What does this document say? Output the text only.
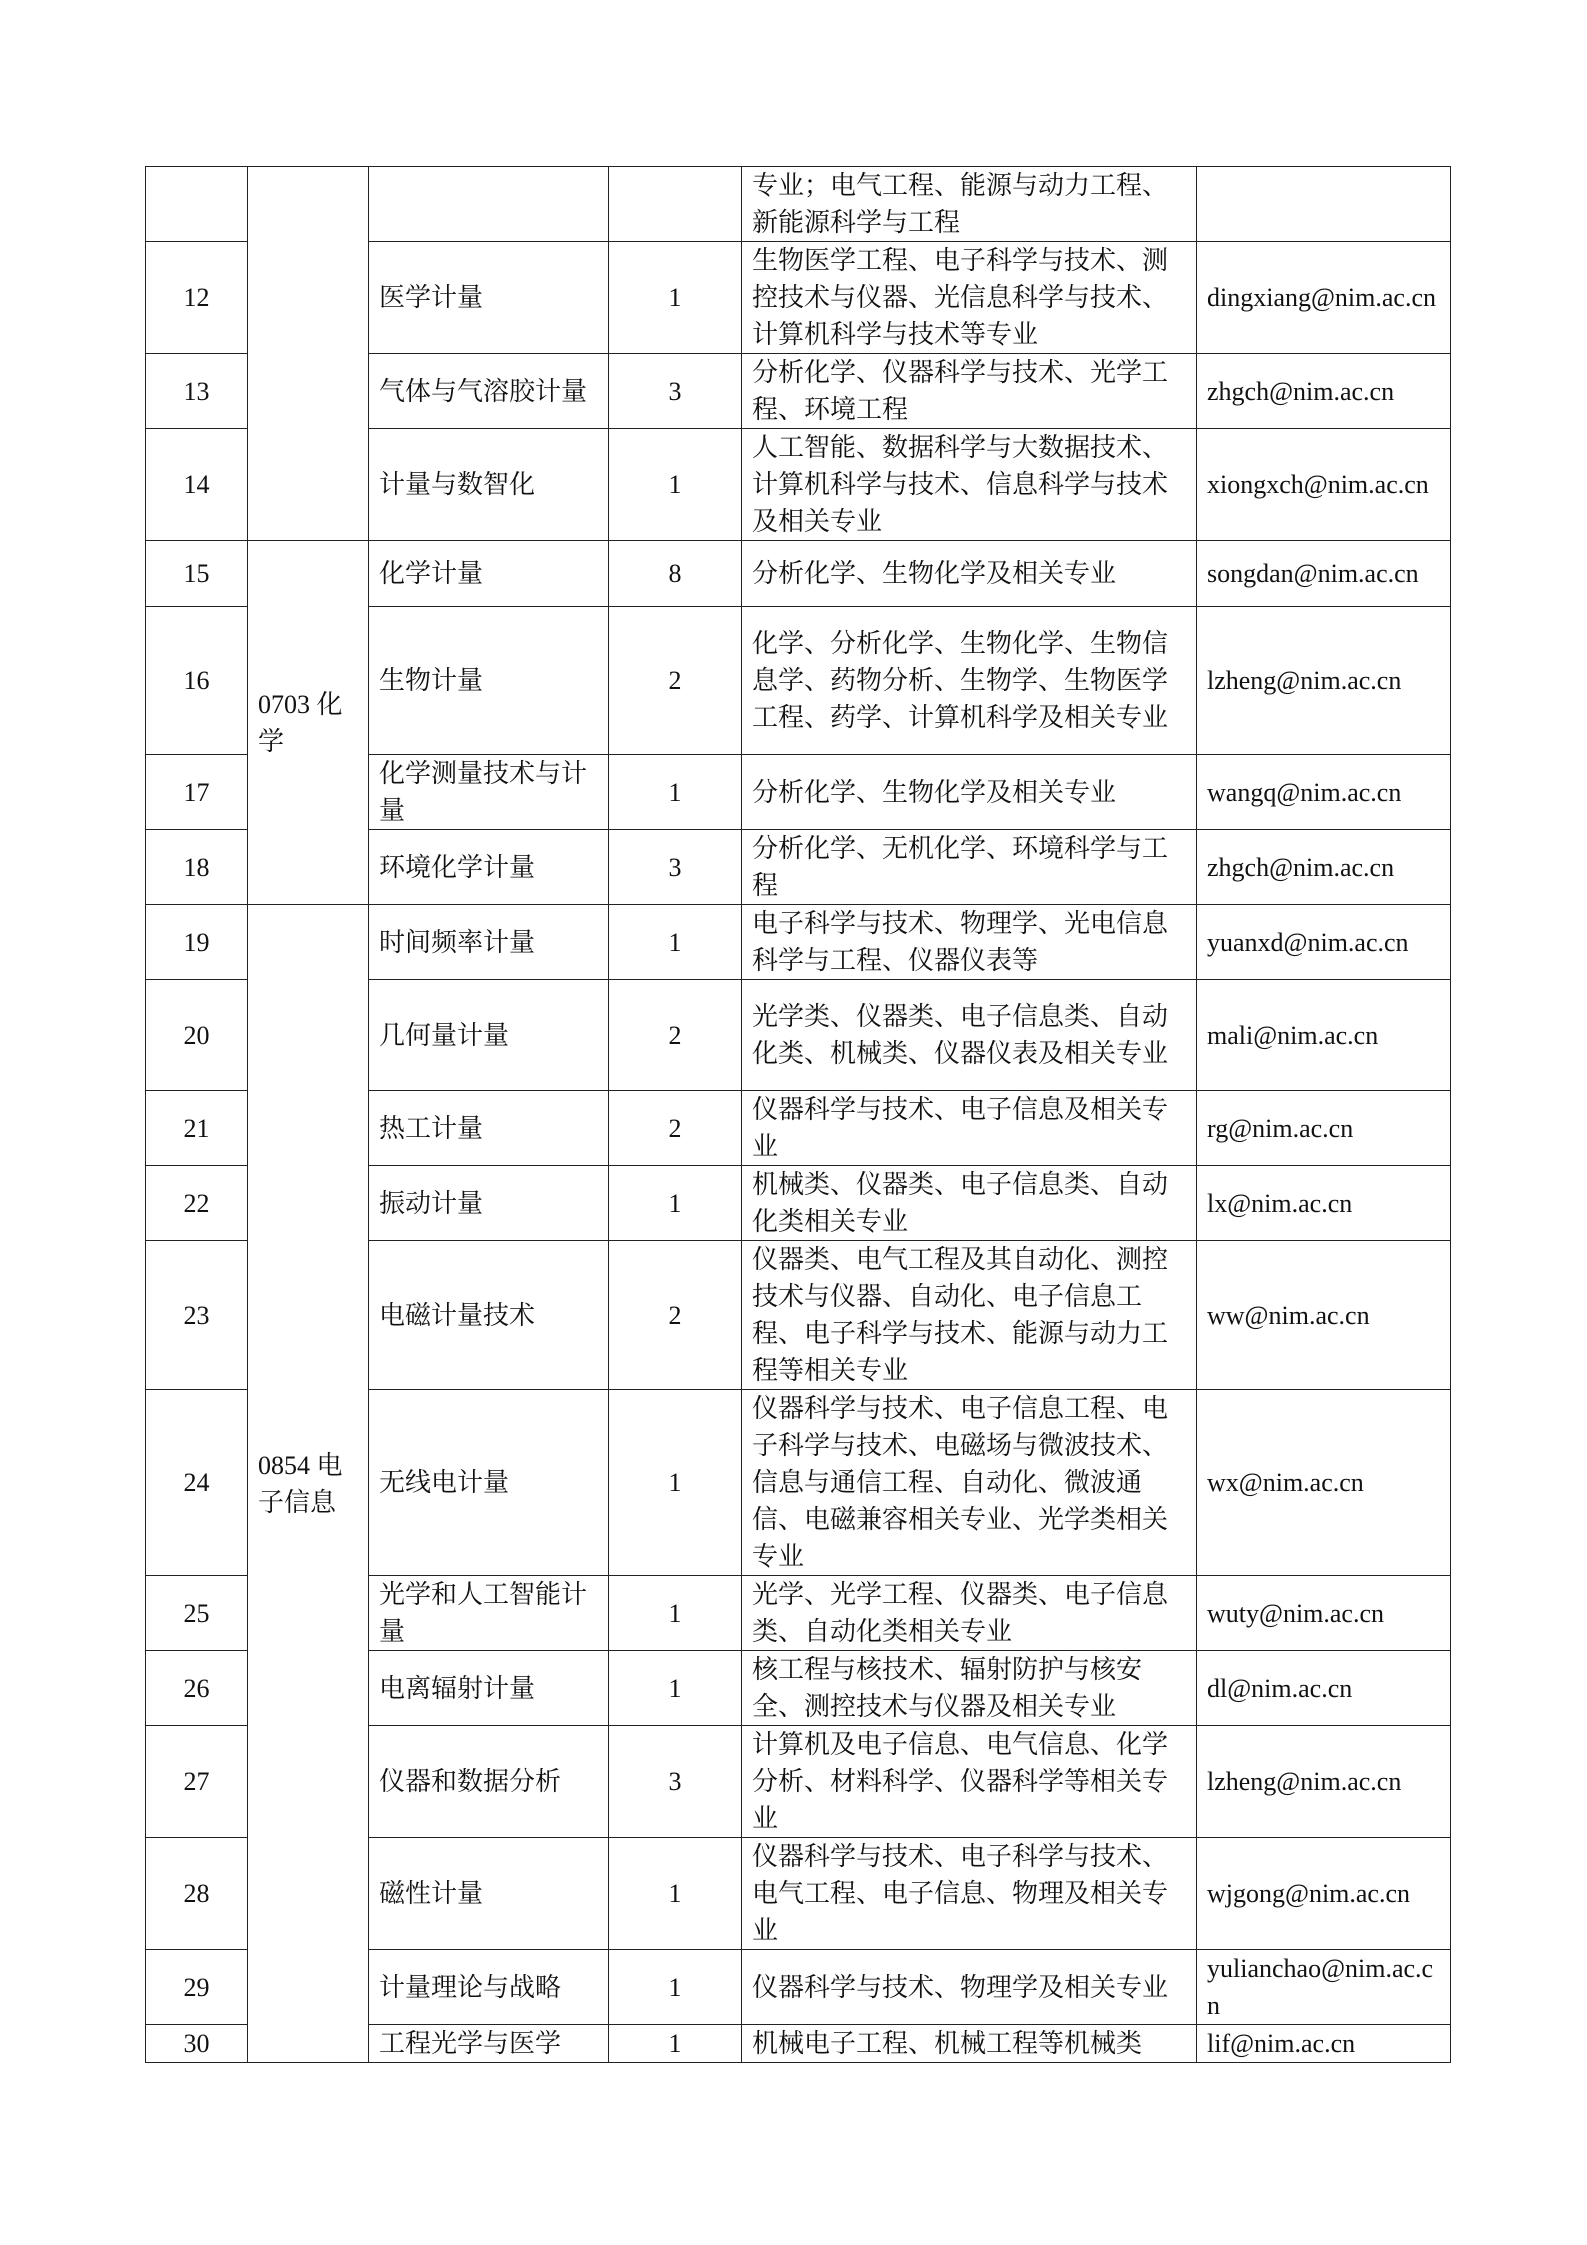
				专业；电气工程、能源与动力工程、新能源科学与工程	
12		医学计量	1	生物医学工程、电子科学与技术、测控技术与仪器、光信息科学与技术、计算机科学与技术等专业	dingxiang@nim.ac.cn
13		气体与气溶胶计量	3	分析化学、仪器科学与技术、光学工程、环境工程	zhgch@nim.ac.cn
14		计量与数智化	1	人工智能、数据科学与大数据技术、计算机科学与技术、信息科学与技术及相关专业	xiongxch@nim.ac.cn
15	0703 化学	化学计量	8	分析化学、生物化学及相关专业	songdan@nim.ac.cn
16		生物计量	2	化学、分析化学、生物化学、生物信息学、药物分析、生物学、生物医学工程、药学、计算机科学及相关专业	lzheng@nim.ac.cn
17		化学测量技术与计量	1	分析化学、生物化学及相关专业	wangq@nim.ac.cn
18		环境化学计量	3	分析化学、无机化学、环境科学与工程	zhgch@nim.ac.cn
19	0854 电子信息	时间频率计量	1	电子科学与技术、物理学、光电信息科学与工程、仪器仪表等	yuanxd@nim.ac.cn
20		几何量计量	2	光学类、仪器类、电子信息类、自动化类、机械类、仪器仪表及相关专业	mali@nim.ac.cn
21		热工计量	2	仪器科学与技术、电子信息及相关专业	rg@nim.ac.cn
22		振动计量	1	机械类、仪器类、电子信息类、自动化类相关专业	lx@nim.ac.cn
23		电磁计量技术	2	仪器类、电气工程及其自动化、测控技术与仪器、自动化、电子信息工程、电子科学与技术、能源与动力工程等相关专业	ww@nim.ac.cn
24		无线电计量	1	仪器科学与技术、电子信息工程、电子科学与技术、电磁场与微波技术、信息与通信工程、自动化、微波通信、电磁兼容相关专业、光学类相关专业	wx@nim.ac.cn
25		光学和人工智能计量	1	光学、光学工程、仪器类、电子信息类、自动化类相关专业	wuty@nim.ac.cn
26		电离辐射计量	1	核工程与核技术、辐射防护与核安全、测控技术与仪器及相关专业	dl@nim.ac.cn
27		仪器和数据分析	3	计算机及电子信息、电气信息、化学分析、材料科学、仪器科学等相关专业	lzheng@nim.ac.cn
28		磁性计量	1	仪器科学与技术、电子科学与技术、电气工程、电子信息、物理及相关专业	wjgong@nim.ac.cn
29		计量理论与战略	1	仪器科学与技术、物理学及相关专业	yulianchao@nim.ac.cn
30		工程光学与医学	1	机械电子工程、机械工程等机械类	lif@nim.ac.cn
